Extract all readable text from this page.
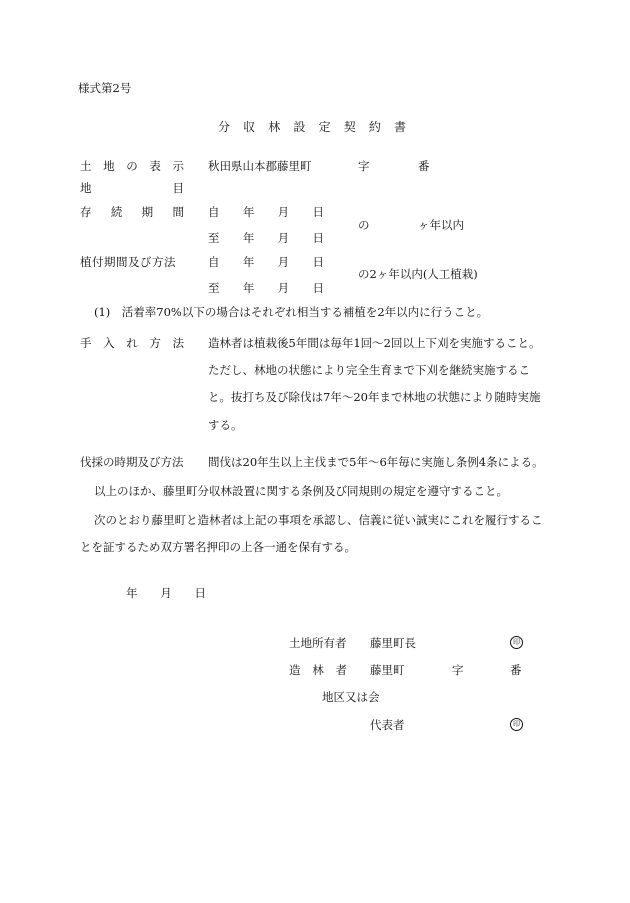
様式第2号
分 収 林 設 定 契 約 書
土 地 の 表 示 秋田県山本郡藤里町	字	番
地	目
存 続 期 間 自 年 月 日
の	ヶ年以内
至 年 月 日
植付期間及び方法	自 年 月 日
の2ヶ年以内(人工植栽)
至 年 月 日
(1)　活着率70%以下の場合はそれぞれ相当する補植を2年以内に行うこと。
手 入 れ 方 法 造林者は植栽後5年間は毎年1回～2回以上下刈を実施すること。
ただし、林地の状態により完全生育まで下刈を継続実施するこ
と。抜打ち及び除伐は7年～20年まで林地の状態により随時実施
する。
伐採の時期及び方法 間伐は20年生以上主伐まで5年～6年毎に実施し条例4条による。
以上のほか、藤里町分収林設置に関する条例及び同規則の規定を遵守すること。
次のとおり藤里町と造林者は上記の事項を承認し、信義に従い誠実にこれを履行するこ
とを証するため双方署名押印の上各一通を保有する。
年 月 日
土地所有者 藤里町長	印
造 林 者 藤里町	字	番
地区又は会
代表者	印
